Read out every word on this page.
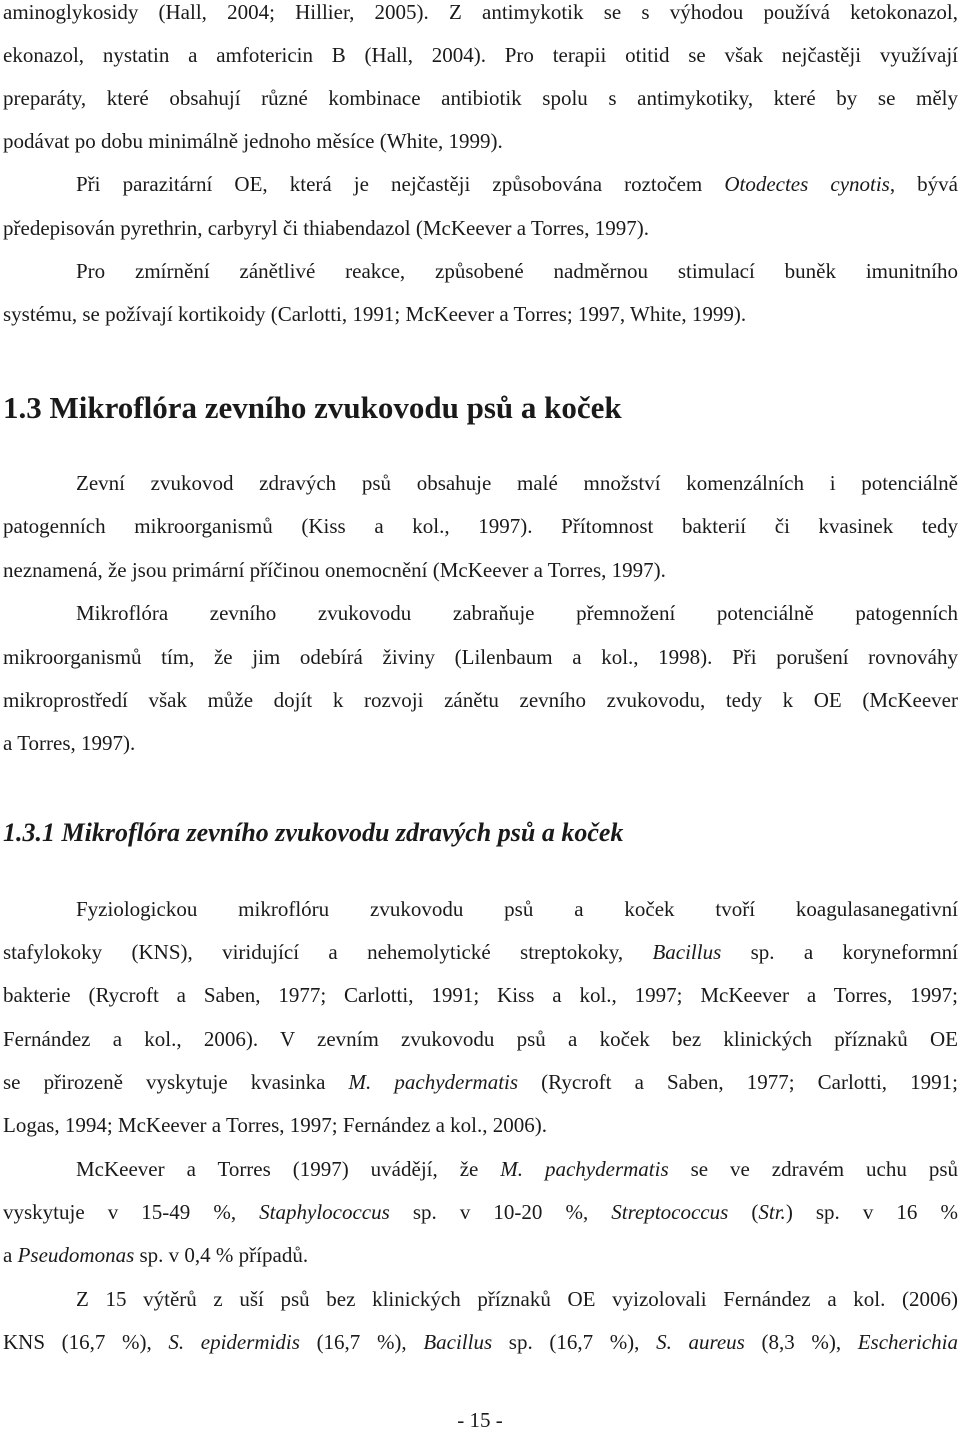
aminoglykosidy (Hall, 2004; Hillier, 2005). Z antimykotik se s výhodou používá ketokonazol,

ekonazol, nystatin a amfotericin B (Hall, 2004). Pro terapii otitid se však nejčastěji využívají

preparáty, které obsahují různé kombinace antibiotik spolu s antimykotiky, které by se měly

podávat po dobu minimálně jednoho měsíce (White, 1999).

Při parazitární OE, která je nejčastěji způsobována roztočem Otodectes cynotis, bývá

předepisován pyrethrin, carbyryl či thiabendazol (McKeever a Torres, 1997).

Pro zmírnění zánětlivé reakce, způsobené nadměrnou stimulací buněk imunitního

systému, se požívají kortikoidy (Carlotti, 1991; McKeever a Torres; 1997, White, 1999).

1.3 Mikroflóra zevního zvukovodu psů a koček

Zevní zvukovod zdravých psů obsahuje malé množství komenzálních i potenciálně

patogenních mikroorganismů (Kiss a kol., 1997). Přítomnost bakterií či kvasinek tedy

neznamená, že jsou primární příčinou onemocnění (McKeever a Torres, 1997).

Mikroflóra zevního zvukovodu zabraňuje přemnožení potenciálně patogenních

mikroorganismů tím, že jim odebírá živiny (Lilenbaum a kol., 1998). Při porušení rovnováhy

mikroprostředí však může dojít k rozvoji zánětu zevního zvukovodu, tedy k OE (McKeever

a Torres, 1997).

1.3.1 Mikroflóra zevního zvukovodu zdravých psů a koček

Fyziologickou mikroflóru zvukovodu psů a koček tvoří koagulasanegativní

stafylokoky (KNS), viridující a nehemolytické streptokoky, Bacillus sp. a koryneformní

bakterie (Rycroft a Saben, 1977; Carlotti, 1991; Kiss a kol., 1997; McKeever a Torres, 1997;

Fernández a kol., 2006). V zevním zvukovodu psů a koček bez klinických příznaků OE

se přirozeně vyskytuje kvasinka M. pachydermatis (Rycroft a Saben, 1977; Carlotti, 1991;

Logas, 1994; McKeever a Torres, 1997; Fernández a kol., 2006).

McKeever a Torres (1997) uvádějí, že M. pachydermatis se ve zdravém uchu psů

vyskytuje v 15-49 %, Staphylococcus sp. v 10-20 %, Streptococcus (Str.) sp. v 16 %

a Pseudomonas sp. v 0,4 % případů.

Z 15 výtěrů z uší psů bez klinických příznaků OE vyizolovali Fernández a kol. (2006)

KNS (16,7 %), S. epidermidis (16,7 %), Bacillus sp. (16,7 %), S. aureus (8,3 %), Escherichia

- 15 -
